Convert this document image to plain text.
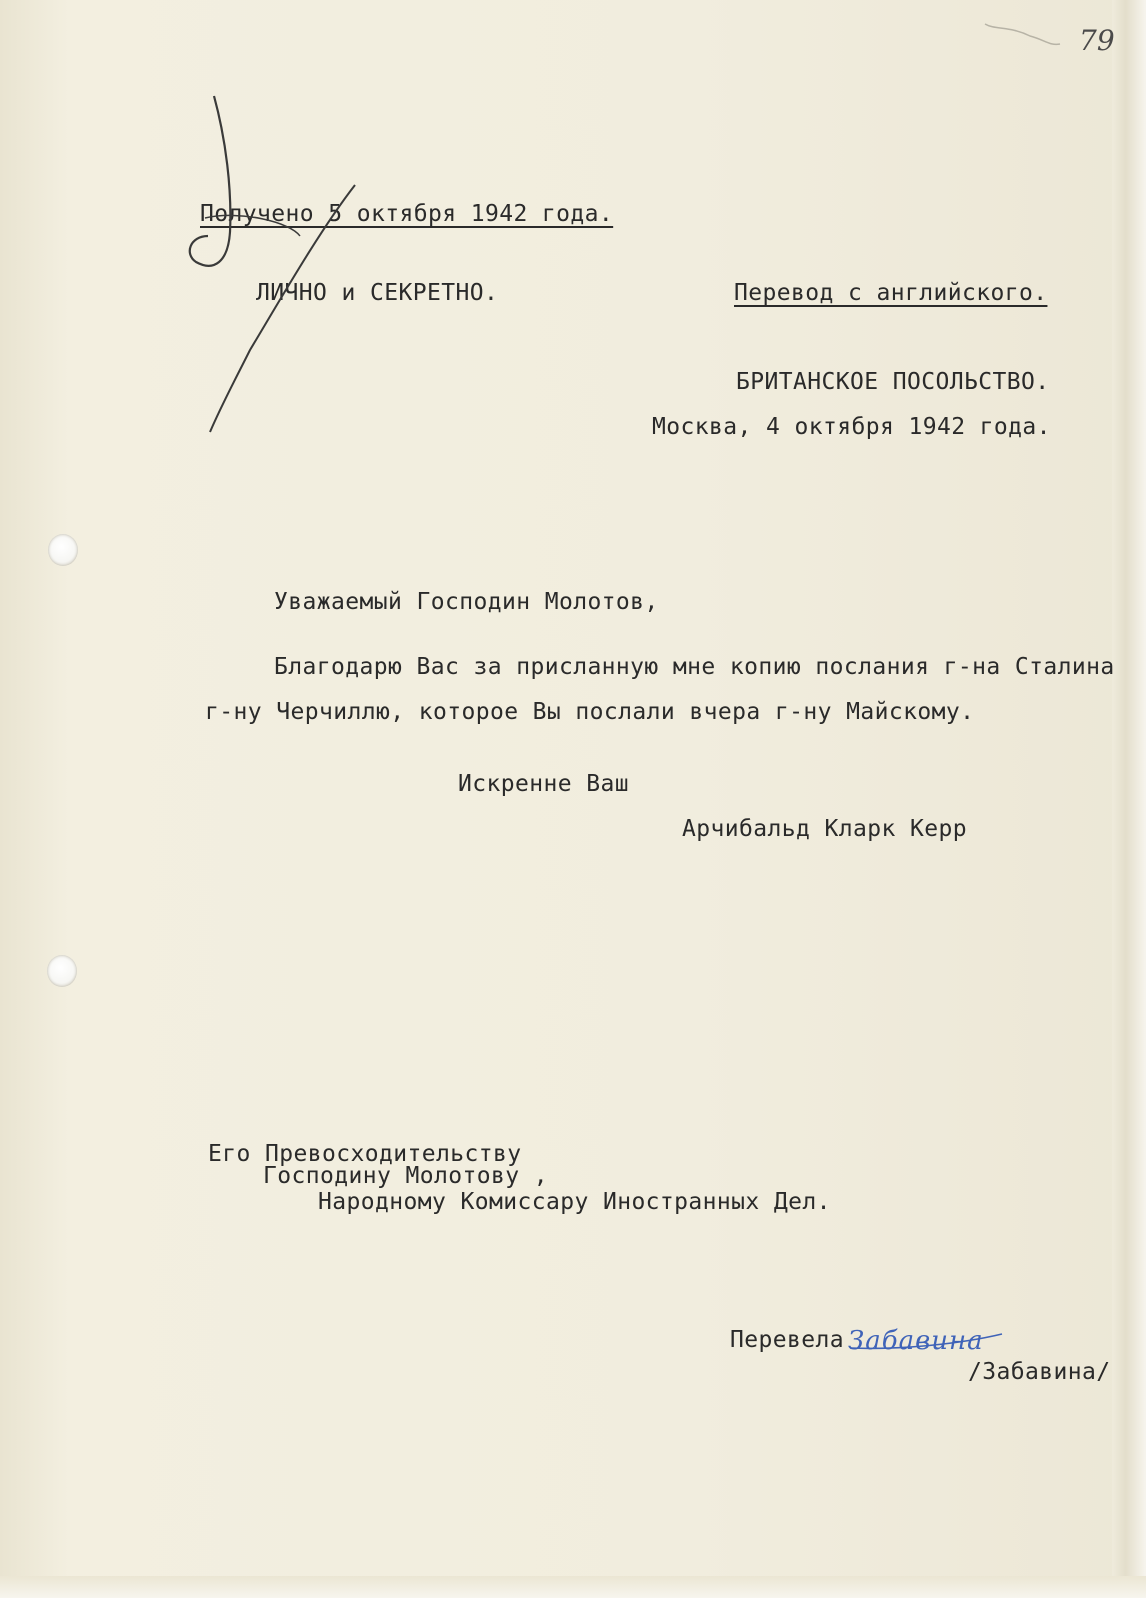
79
Получено 5 октября 1942 года.
ЛИЧНО и СЕКРЕТНО.	Перевод с английского.
БРИТАНСКОЕ ПОСОЛЬСТВО.
Москва, 4 октября 1942 года.
Уважаемый Господин Молотов,
Благодарю Вас за присланную мне копию послания г-на Сталина
г-ну Черчиллю, которое Вы послали вчера г-ну Майскому.
Искренне Ваш
Арчибальд Кларк Керр
Его Превосходительству
Господину Молотову ,
Народному Комиссару Иностранных Дел.
Перевела Забавина
/Забавина/
